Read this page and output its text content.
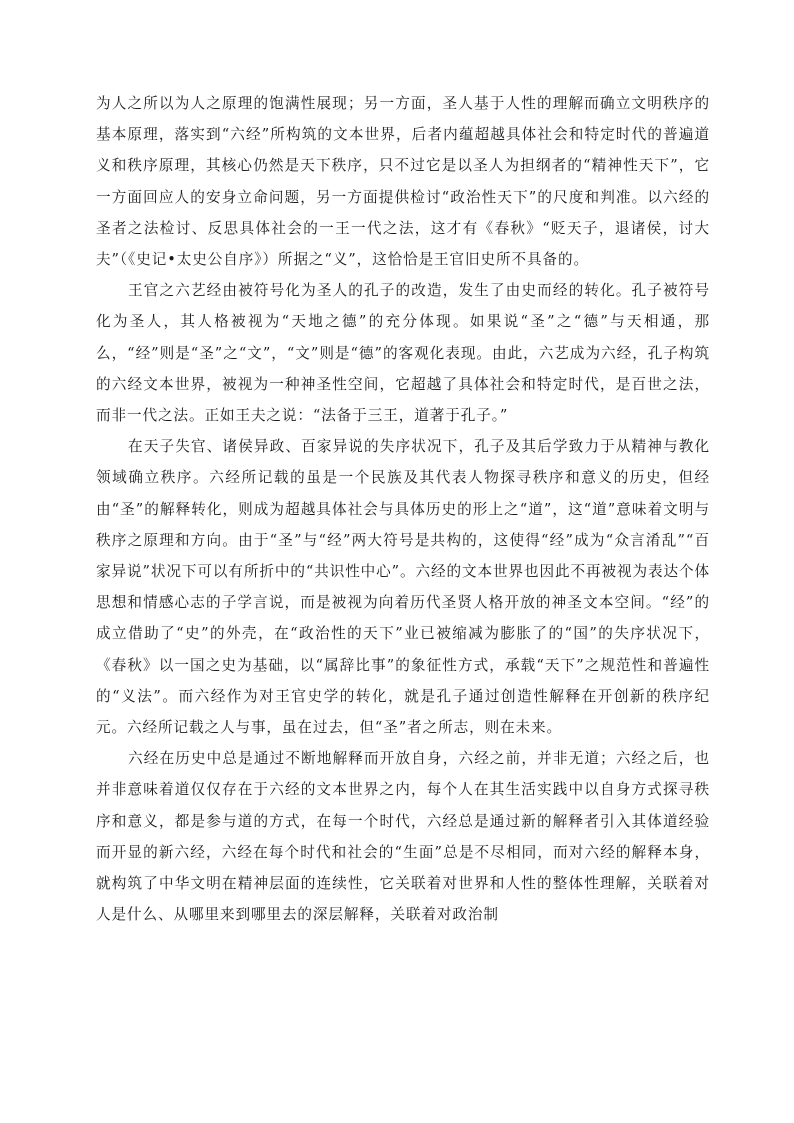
为人之所以为人之原理的饱满性展现；另一方面，圣人基于人性的理解而确立文明秩序的基本原理，落实到“六经”所构筑的文本世界，后者内蕴超越具体社会和特定时代的普遍道义和秩序原理，其核心仍然是天下秩序，只不过它是以圣人为担纲者的“精神性天下”，它一方面回应人的安身立命问题，另一方面提供检讨“政治性天下”的尺度和判准。以六经的圣者之法检讨、反思具体社会的一王一代之法，这才有《春秋》“贬天子，退诸侯，讨大夫”（《史记•太史公自序》）所据之“义”，这恰恰是王官旧史所不具备的。

王官之六艺经由被符号化为圣人的孔子的改造，发生了由史而经的转化。孔子被符号化为圣人，其人格被视为“天地之德”的充分体现。如果说“圣”之“德”与天相通，那么，“经”则是“圣”之“文”，“文”则是“德”的客观化表现。由此，六艺成为六经，孔子构筑的六经文本世界，被视为一种神圣性空间，它超越了具体社会和特定时代，是百世之法，而非一代之法。正如王夫之说：“法备于三王，道著于孔子。”

在天子失官、诸侯异政、百家异说的失序状况下，孔子及其后学致力于从精神与教化领域确立秩序。六经所记载的虽是一个民族及其代表人物探寻秩序和意义的历史，但经由“圣”的解释转化，则成为超越具体社会与具体历史的形上之“道”，这“道”意味着文明与秩序之原理和方向。由于“圣”与“经”两大符号是共构的，这使得“经”成为“众言淆乱”“百家异说”状况下可以有所折中的“共识性中心”。六经的文本世界也因此不再被视为表达个体思想和情感心志的子学言说，而是被视为向着历代圣贤人格开放的神圣文本空间。“经”的成立借助了“史”的外壳，在“政治性的天下”业已被缩减为膨胀了的“国”的失序状况下，《春秋》以一国之史为基础，以“属辞比事”的象征性方式，承载“天下”之规范性和普遍性的“义法”。而六经作为对王官史学的转化，就是孔子通过创造性解释在开创新的秩序纪元。六经所记载之人与事，虽在过去，但“圣”者之所志，则在未来。

六经在历史中总是通过不断地解释而开放自身，六经之前，并非无道；六经之后，也并非意味着道仅仅存在于六经的文本世界之内，每个人在其生活实践中以自身方式探寻秩序和意义，都是参与道的方式，在每一个时代，六经总是通过新的解释者引入其体道经验而开显的新六经，六经在每个时代和社会的“生面”总是不尽相同，而对六经的解释本身，就构筑了中华文明在精神层面的连续性，它关联着对世界和人性的整体性理解，关联着对人是什么、从哪里来到哪里去的深层解释，关联着对政治制
